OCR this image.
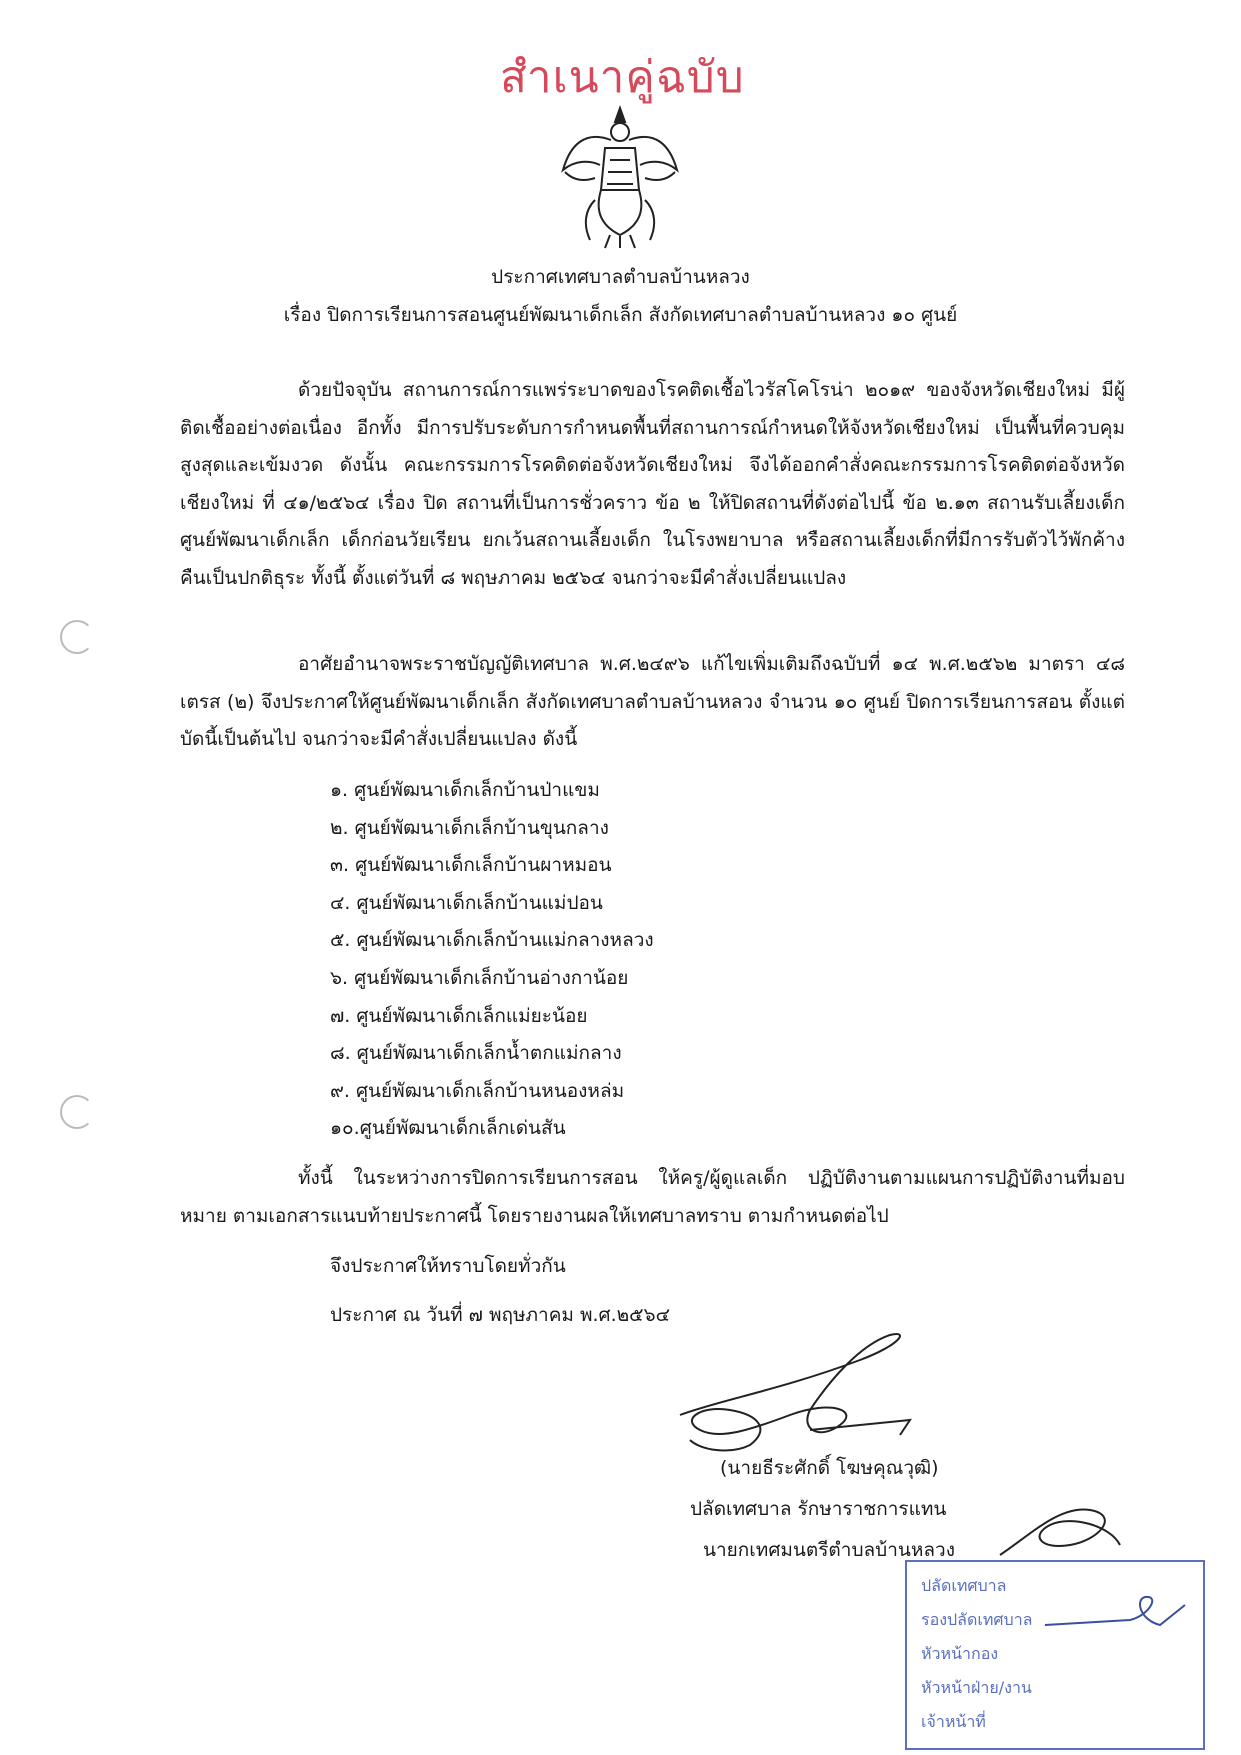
สำเนาคู่ฉบับ
ประกาศเทศบาลตำบลบ้านหลวง
เรื่อง ปิดการเรียนการสอนศูนย์พัฒนาเด็กเล็ก สังกัดเทศบาลตำบลบ้านหลวง ๑๐ ศูนย์
ด้วยปัจจุบัน สถานการณ์การแพร่ระบาดของโรคติดเชื้อไวรัสโคโรน่า ๒๐๑๙ ของจังหวัดเชียงใหม่ มีผู้ติดเชื้ออย่างต่อเนื่อง อีกทั้ง มีการปรับระดับการกำหนดพื้นที่สถานการณ์กำหนดให้จังหวัดเชียงใหม่ เป็นพื้นที่ควบคุมสูงสุดและเข้มงวด ดังนั้น คณะกรรมการโรคติดต่อจังหวัดเชียงใหม่ จึงได้ออกคำสั่งคณะกรรมการโรคติดต่อจังหวัดเชียงใหม่ ที่ ๔๑/๒๕๖๔ เรื่อง ปิด สถานที่เป็นการชั่วคราว ข้อ ๒ ให้ปิดสถานที่ดังต่อไปนี้ ข้อ ๒.๑๓ สถานรับเลี้ยงเด็ก ศูนย์พัฒนาเด็กเล็ก เด็กก่อนวัยเรียน ยกเว้นสถานเลี้ยงเด็ก ในโรงพยาบาล หรือสถานเลี้ยงเด็กที่มีการรับตัวไว้พักค้างคืนเป็นปกติธุระ ทั้งนี้ ตั้งแต่วันที่ ๘ พฤษภาคม ๒๕๖๔ จนกว่าจะมีคำสั่งเปลี่ยนแปลง
อาศัยอำนาจพระราชบัญญัติเทศบาล พ.ศ.๒๔๙๖ แก้ไขเพิ่มเติมถึงฉบับที่ ๑๔ พ.ศ.๒๕๖๒ มาตรา ๔๘ เตรส (๒) จึงประกาศให้ศูนย์พัฒนาเด็กเล็ก สังกัดเทศบาลตำบลบ้านหลวง จำนวน ๑๐ ศูนย์ ปิดการเรียนการสอน ตั้งแต่บัดนี้เป็นต้นไป จนกว่าจะมีคำสั่งเปลี่ยนแปลง ดังนี้
๑. ศูนย์พัฒนาเด็กเล็กบ้านป่าแขม
๒. ศูนย์พัฒนาเด็กเล็กบ้านขุนกลาง
๓. ศูนย์พัฒนาเด็กเล็กบ้านผาหมอน
๔. ศูนย์พัฒนาเด็กเล็กบ้านแม่ปอน
๕. ศูนย์พัฒนาเด็กเล็กบ้านแม่กลางหลวง
๖. ศูนย์พัฒนาเด็กเล็กบ้านอ่างกาน้อย
๗. ศูนย์พัฒนาเด็กเล็กแม่ยะน้อย
๘. ศูนย์พัฒนาเด็กเล็กน้ำตกแม่กลาง
๙. ศูนย์พัฒนาเด็กเล็กบ้านหนองหล่ม
๑๐.ศูนย์พัฒนาเด็กเล็กเด่นสัน
ทั้งนี้ ในระหว่างการปิดการเรียนการสอน ให้ครู/ผู้ดูแลเด็ก ปฏิบัติงานตามแผนการปฏิบัติงานที่มอบหมาย ตามเอกสารแนบท้ายประกาศนี้ โดยรายงานผลให้เทศบาลทราบ ตามกำหนดต่อไป
จึงประกาศให้ทราบโดยทั่วกัน
ประกาศ ณ วันที่ ๗ พฤษภาคม พ.ศ.๒๕๖๔
(นายธีระศักดิ์ โฆษคุณวุฒิ)
ปลัดเทศบาล รักษาราชการแทน
นายกเทศมนตรีตำบลบ้านหลวง
ปลัดเทศบาล
รองปลัดเทศบาล
หัวหน้ากอง
หัวหน้าฝ่าย/งาน
เจ้าหน้าที่
